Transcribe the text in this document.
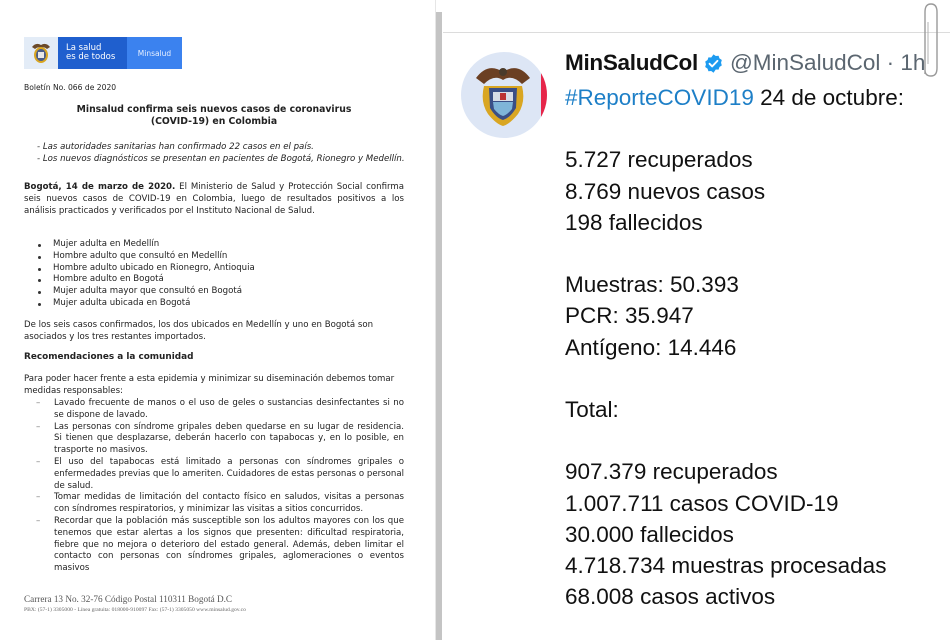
La salud
es de todos	Minsalud
Boletín No. 066 de 2020
Minsalud confirma seis nuevos casos de coronavirus
(COVID-19) en Colombia
- Las autoridades sanitarias han confirmado 22 casos en el país.
- Los nuevos diagnósticos se presentan en pacientes de Bogotá, Rionegro y Medellín.
Bogotá, 14 de marzo de 2020. El Ministerio de Salud y Protección Social confirma seis nuevos casos de COVID-19 en Colombia, luego de resultados positivos a los análisis practicados y verificados por el Instituto Nacional de Salud.
Mujer adulta en Medellín
Hombre adulto que consultó en Medellín
Hombre adulto ubicado en Rionegro, Antioquia
Hombre adulto en Bogotá
Mujer adulta mayor que consultó en Bogotá
Mujer adulta ubicada en Bogotá
De los seis casos confirmados, los dos ubicados en Medellín y uno en Bogotá son asociados y los tres restantes importados.
Recomendaciones a la comunidad
Para poder hacer frente a esta epidemia y minimizar su diseminación debemos tomar medidas responsables:
– Lavado frecuente de manos o el uso de geles o sustancias desinfectantes si no se dispone de lavado.
– Las personas con síndrome gripales deben quedarse en su lugar de residencia. Si tienen que desplazarse, deberán hacerlo con tapabocas y, en lo posible, en trasporte no masivos.
– El uso del tapabocas está limitado a personas con síndromes gripales o enfermedades previas que lo ameriten. Cuidadores de estas personas o personal de salud.
– Tomar medidas de limitación del contacto físico en saludos, visitas a personas con síndromes respiratorios, y minimizar las visitas a sitios concurridos.
– Recordar que la población más susceptible son los adultos mayores con los que tenemos que estar alertas a los signos que presenten: dificultad respiratoria, fiebre que no mejora o deterioro del estado general. Además, deben limitar el contacto con personas con síndromes gripales, aglomeraciones o eventos masivos
Carrera 13 No. 32-76 Código Postal 110311 Bogotá D.C
PBX: (57-1) 3305000 - Línea gratuita: 018000-910097 Fax: (57-1) 3305050 www.minsalud.gov.co
MinSaludCol @MinSaludCol · 1h
#ReporteCOVID19 24 de octubre:
5.727 recuperados
8.769 nuevos casos
198 fallecidos
Muestras: 50.393
PCR: 35.947
Antígeno: 14.446
Total:
907.379 recuperados
1.007.711 casos COVID-19
30.000 fallecidos
4.718.734 muestras procesadas
68.008 casos activos
